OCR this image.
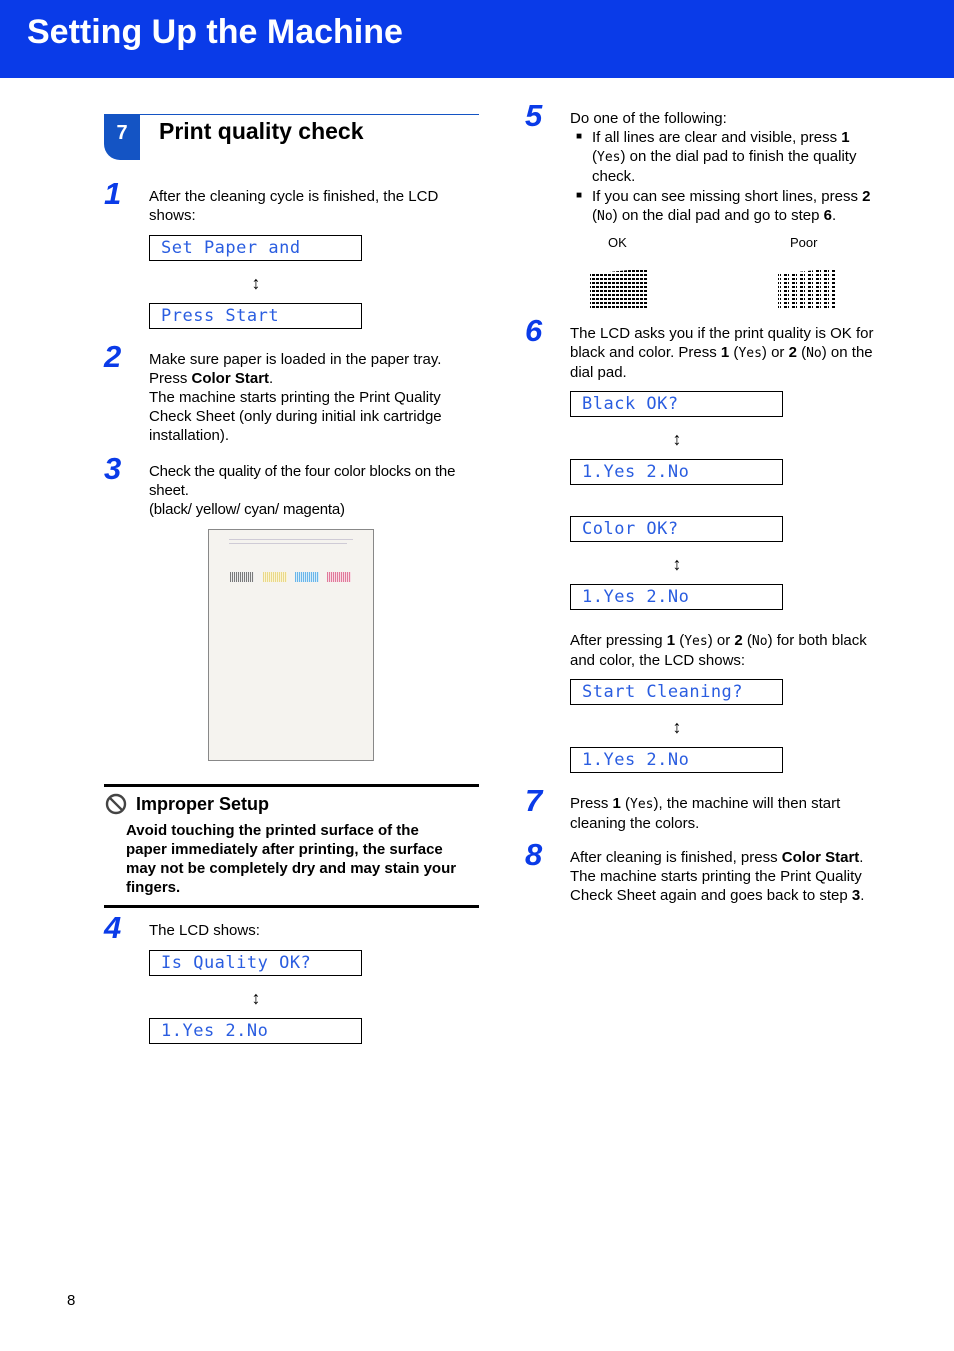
Setting Up the Machine
7	Print quality check
1 After the cleaning cycle is finished, the LCD shows:
Set Paper and
↕
Press Start
2 Make sure paper is loaded in the paper tray.
Press Color Start.
The machine starts printing the Print Quality
Check Sheet (only during initial ink cartridge
installation).
3 Check the quality of the four color blocks on the
sheet.
(black/ yellow/ cyan/ magenta)
Improper Setup
Avoid touching the printed surface of the
paper immediately after printing, the surface
may not be completely dry and may stain your
fingers.
4 The LCD shows:
Is Quality OK?
↕
1.Yes 2.No
5 Do one of the following:
■ If all lines are clear and visible, press 1
(Yes) on the dial pad to finish the quality
check.
■ If you can see missing short lines, press 2
(No) on the dial pad and go to step 6.
OK	Poor
6 The LCD asks you if the print quality is OK for
black and color. Press 1 (Yes) or 2 (No) on the
dial pad.
Black OK?
↕
1.Yes 2.No
Color OK?
↕
1.Yes 2.No
After pressing 1 (Yes) or 2 (No) for both black
and color, the LCD shows:
Start Cleaning?
↕
1.Yes 2.No
7 Press 1 (Yes), the machine will then start
cleaning the colors.
8 After cleaning is finished, press Color Start.
The machine starts printing the Print Quality
Check Sheet again and goes back to step 3.
8
